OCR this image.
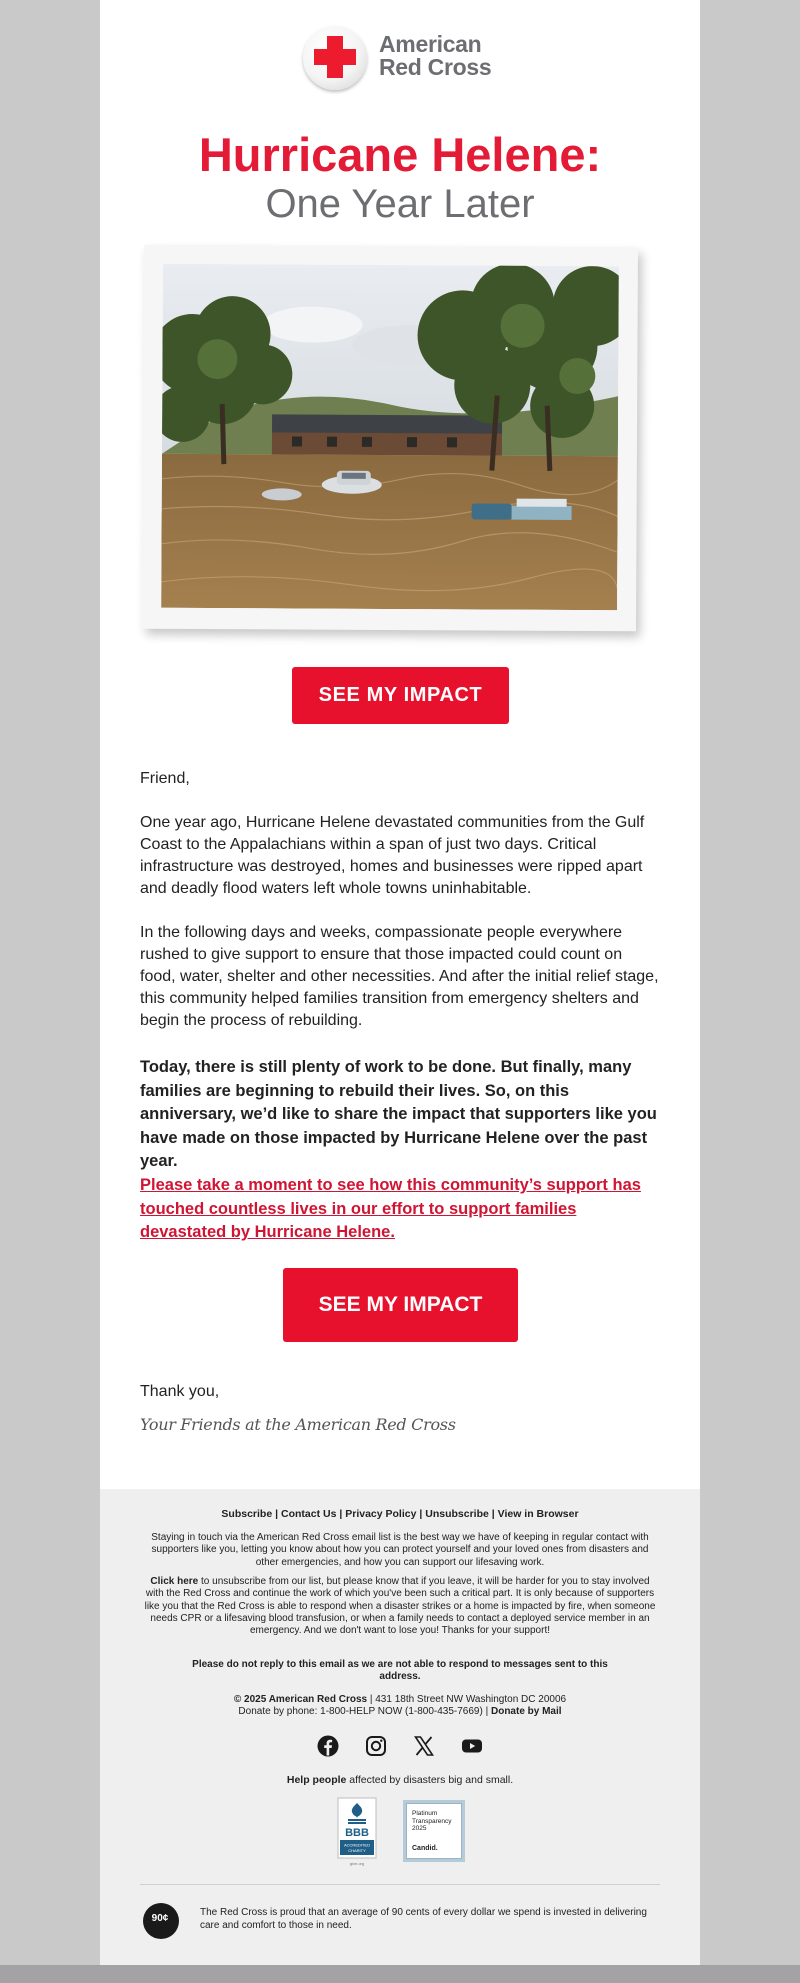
American
Red Cross
Hurricane Helene:
One Year Later
SEE MY IMPACT
Friend,
One year ago, Hurricane Helene devastated communities from the Gulf Coast to the Appalachians within a span of just two days. Critical infrastructure was destroyed, homes and businesses were ripped apart and deadly flood waters left whole towns uninhabitable.
In the following days and weeks, compassionate people everywhere rushed to give support to ensure that those impacted could count on food, water, shelter and other necessities. And after the initial relief stage, this community helped families transition from emergency shelters and begin the process of rebuilding.
Today, there is still plenty of work to be done. But finally, many families are beginning to rebuild their lives. So, on this anniversary, we’d like to share the impact that supporters like you have made on those impacted by Hurricane Helene over the past year.
Please take a moment to see how this community’s support has touched countless lives in our effort to support families devastated by Hurricane Helene.
SEE MY IMPACT
Thank you,
Your Friends at the American Red Cross
Subscribe | Contact Us | Privacy Policy | Unsubscribe | View in Browser
Staying in touch via the American Red Cross email list is the best way we have of keeping in regular contact with supporters like you, letting you know about how you can protect yourself and your loved ones from disasters and other emergencies, and how you can support our lifesaving work.
Click here to unsubscribe from our list, but please know that if you leave, it will be harder for you to stay involved with the Red Cross and continue the work of which you've been such a critical part. It is only because of supporters like you that the Red Cross is able to respond when a disaster strikes or a home is impacted by fire, when someone needs CPR or a lifesaving blood transfusion, or when a family needs to contact a deployed service member in an emergency. And we don't want to lose you! Thanks for your support!
Please do not reply to this email as we are not able to respond to messages sent to this address.
© 2025 American Red Cross | 431 18th Street NW Washington DC 20006
Donate by phone: 1-800-HELP NOW (1-800-435-7669) | Donate by Mail
Help people affected by disasters big and small.
BBB
ACCREDITED
CHARITY
give.org
Platinum
Transparency
2025
Candid.
90¢
The Red Cross is proud that an average of 90 cents of every dollar we spend is invested in delivering care and comfort to those in need.
